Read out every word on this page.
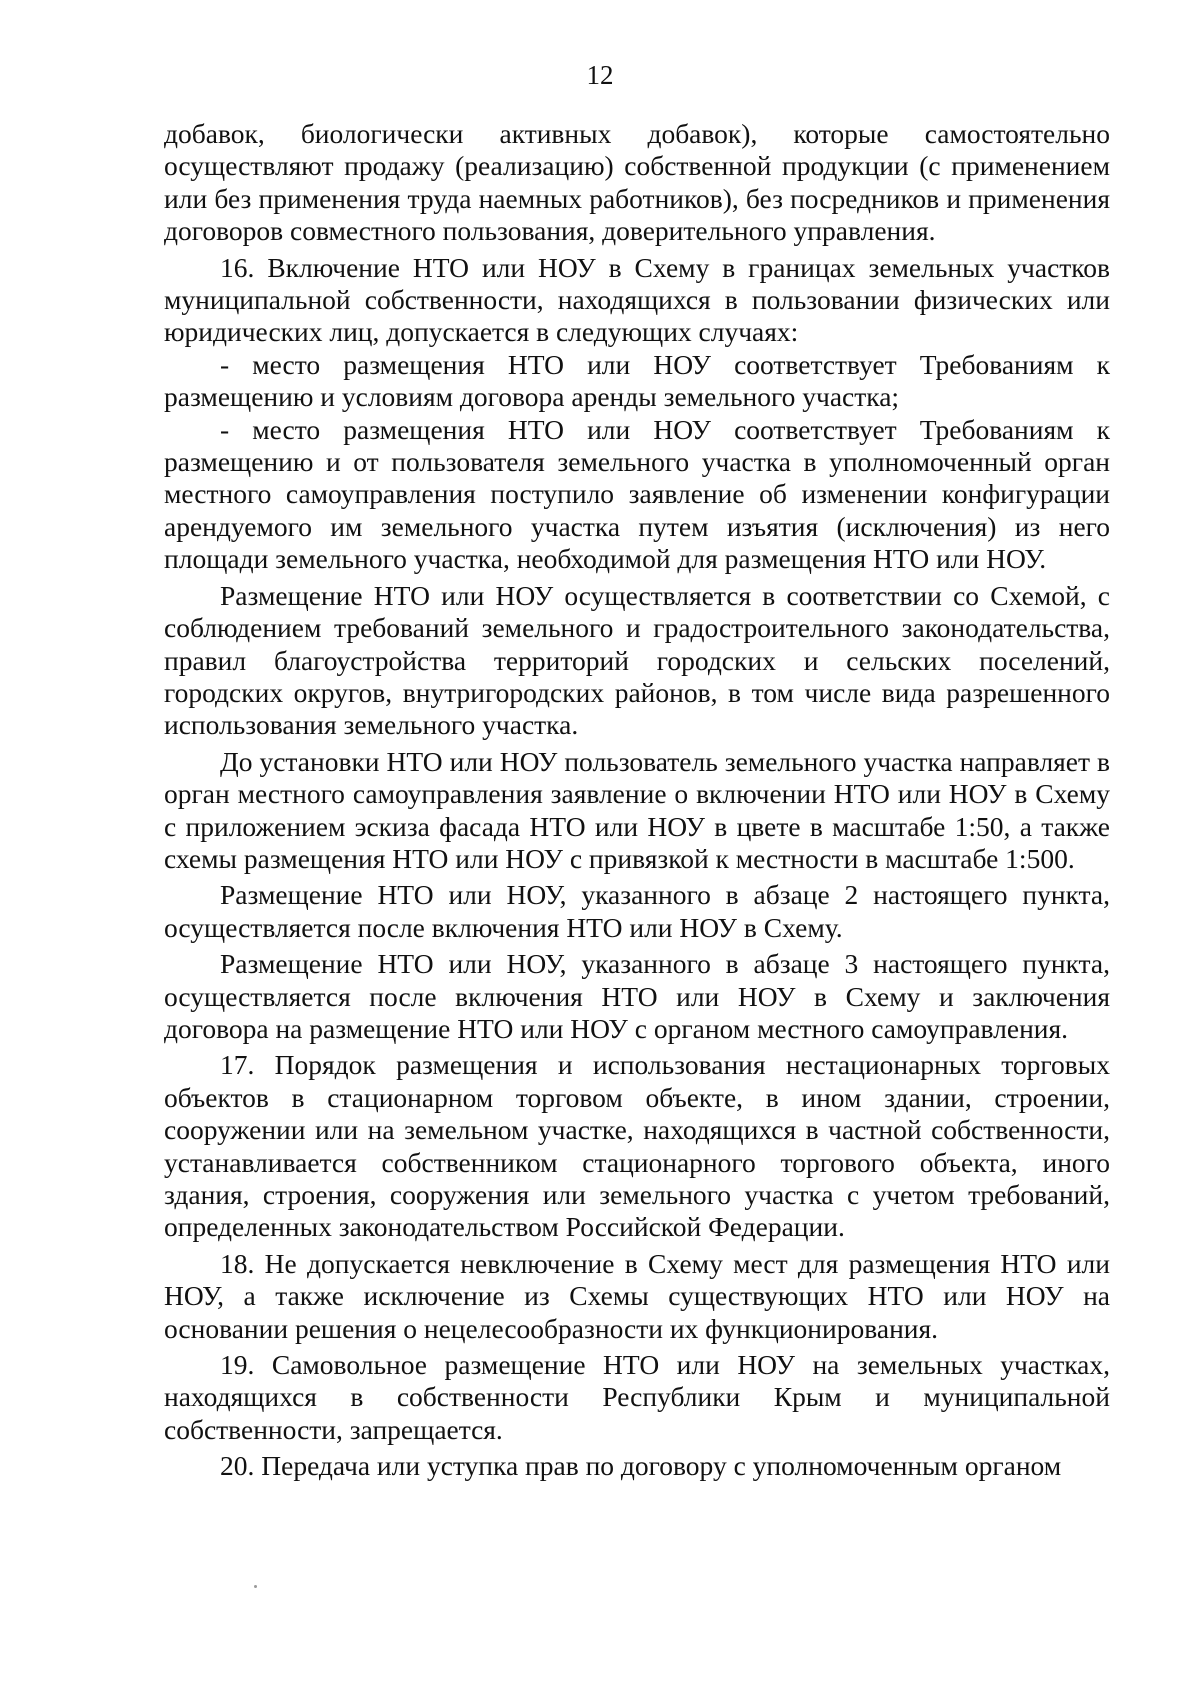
12

добавок, биологически активных добавок), которые самостоятельно осуществляют продажу (реализацию) собственной продукции (с применением или без применения труда наемных работников), без посредников и применения договоров совместного пользования, доверительного управления.

16. Включение НТО или НОУ в Схему в границах земельных участков муниципальной собственности, находящихся в пользовании физических или юридических лиц, допускается в следующих случаях:

- место размещения НТО или НОУ соответствует Требованиям к размещению и условиям договора аренды земельного участка;

- место размещения НТО или НОУ соответствует Требованиям к размещению и от пользователя земельного участка в уполномоченный орган местного самоуправления поступило заявление об изменении конфигурации арендуемого им земельного участка путем изъятия (исключения) из него площади земельного участка, необходимой для размещения НТО или НОУ.

Размещение НТО или НОУ осуществляется в соответствии со Схемой, с соблюдением требований земельного и градостроительного законодательства, правил благоустройства территорий городских и сельских поселений, городских округов, внутригородских районов, в том числе вида разрешенного использования земельного участка.

До установки НТО или НОУ пользователь земельного участка направляет в орган местного самоуправления заявление о включении НТО или НОУ в Схему с приложением эскиза фасада НТО или НОУ в цвете в масштабе 1:50, а также схемы размещения НТО или НОУ с привязкой к местности в масштабе 1:500.

Размещение НТО или НОУ, указанного в абзаце 2 настоящего пункта, осуществляется после включения НТО или НОУ в Схему.

Размещение НТО или НОУ, указанного в абзаце 3 настоящего пункта, осуществляется после включения НТО или НОУ в Схему и заключения договора на размещение НТО или НОУ с органом местного самоуправления.

17. Порядок размещения и использования нестационарных торговых объектов в стационарном торговом объекте, в ином здании, строении, сооружении или на земельном участке, находящихся в частной собственности, устанавливается собственником стационарного торгового объекта, иного здания, строения, сооружения или земельного участка с учетом требований, определенных законодательством Российской Федерации.

18. Не допускается невключение в Схему мест для размещения НТО или НОУ, а также исключение из Схемы существующих НТО или НОУ на основании решения о нецелесообразности их функционирования.

19. Самовольное размещение НТО или НОУ на земельных участках, находящихся в собственности Республики Крым и муниципальной собственности, запрещается.

20. Передача или уступка прав по договору с уполномоченным органом
